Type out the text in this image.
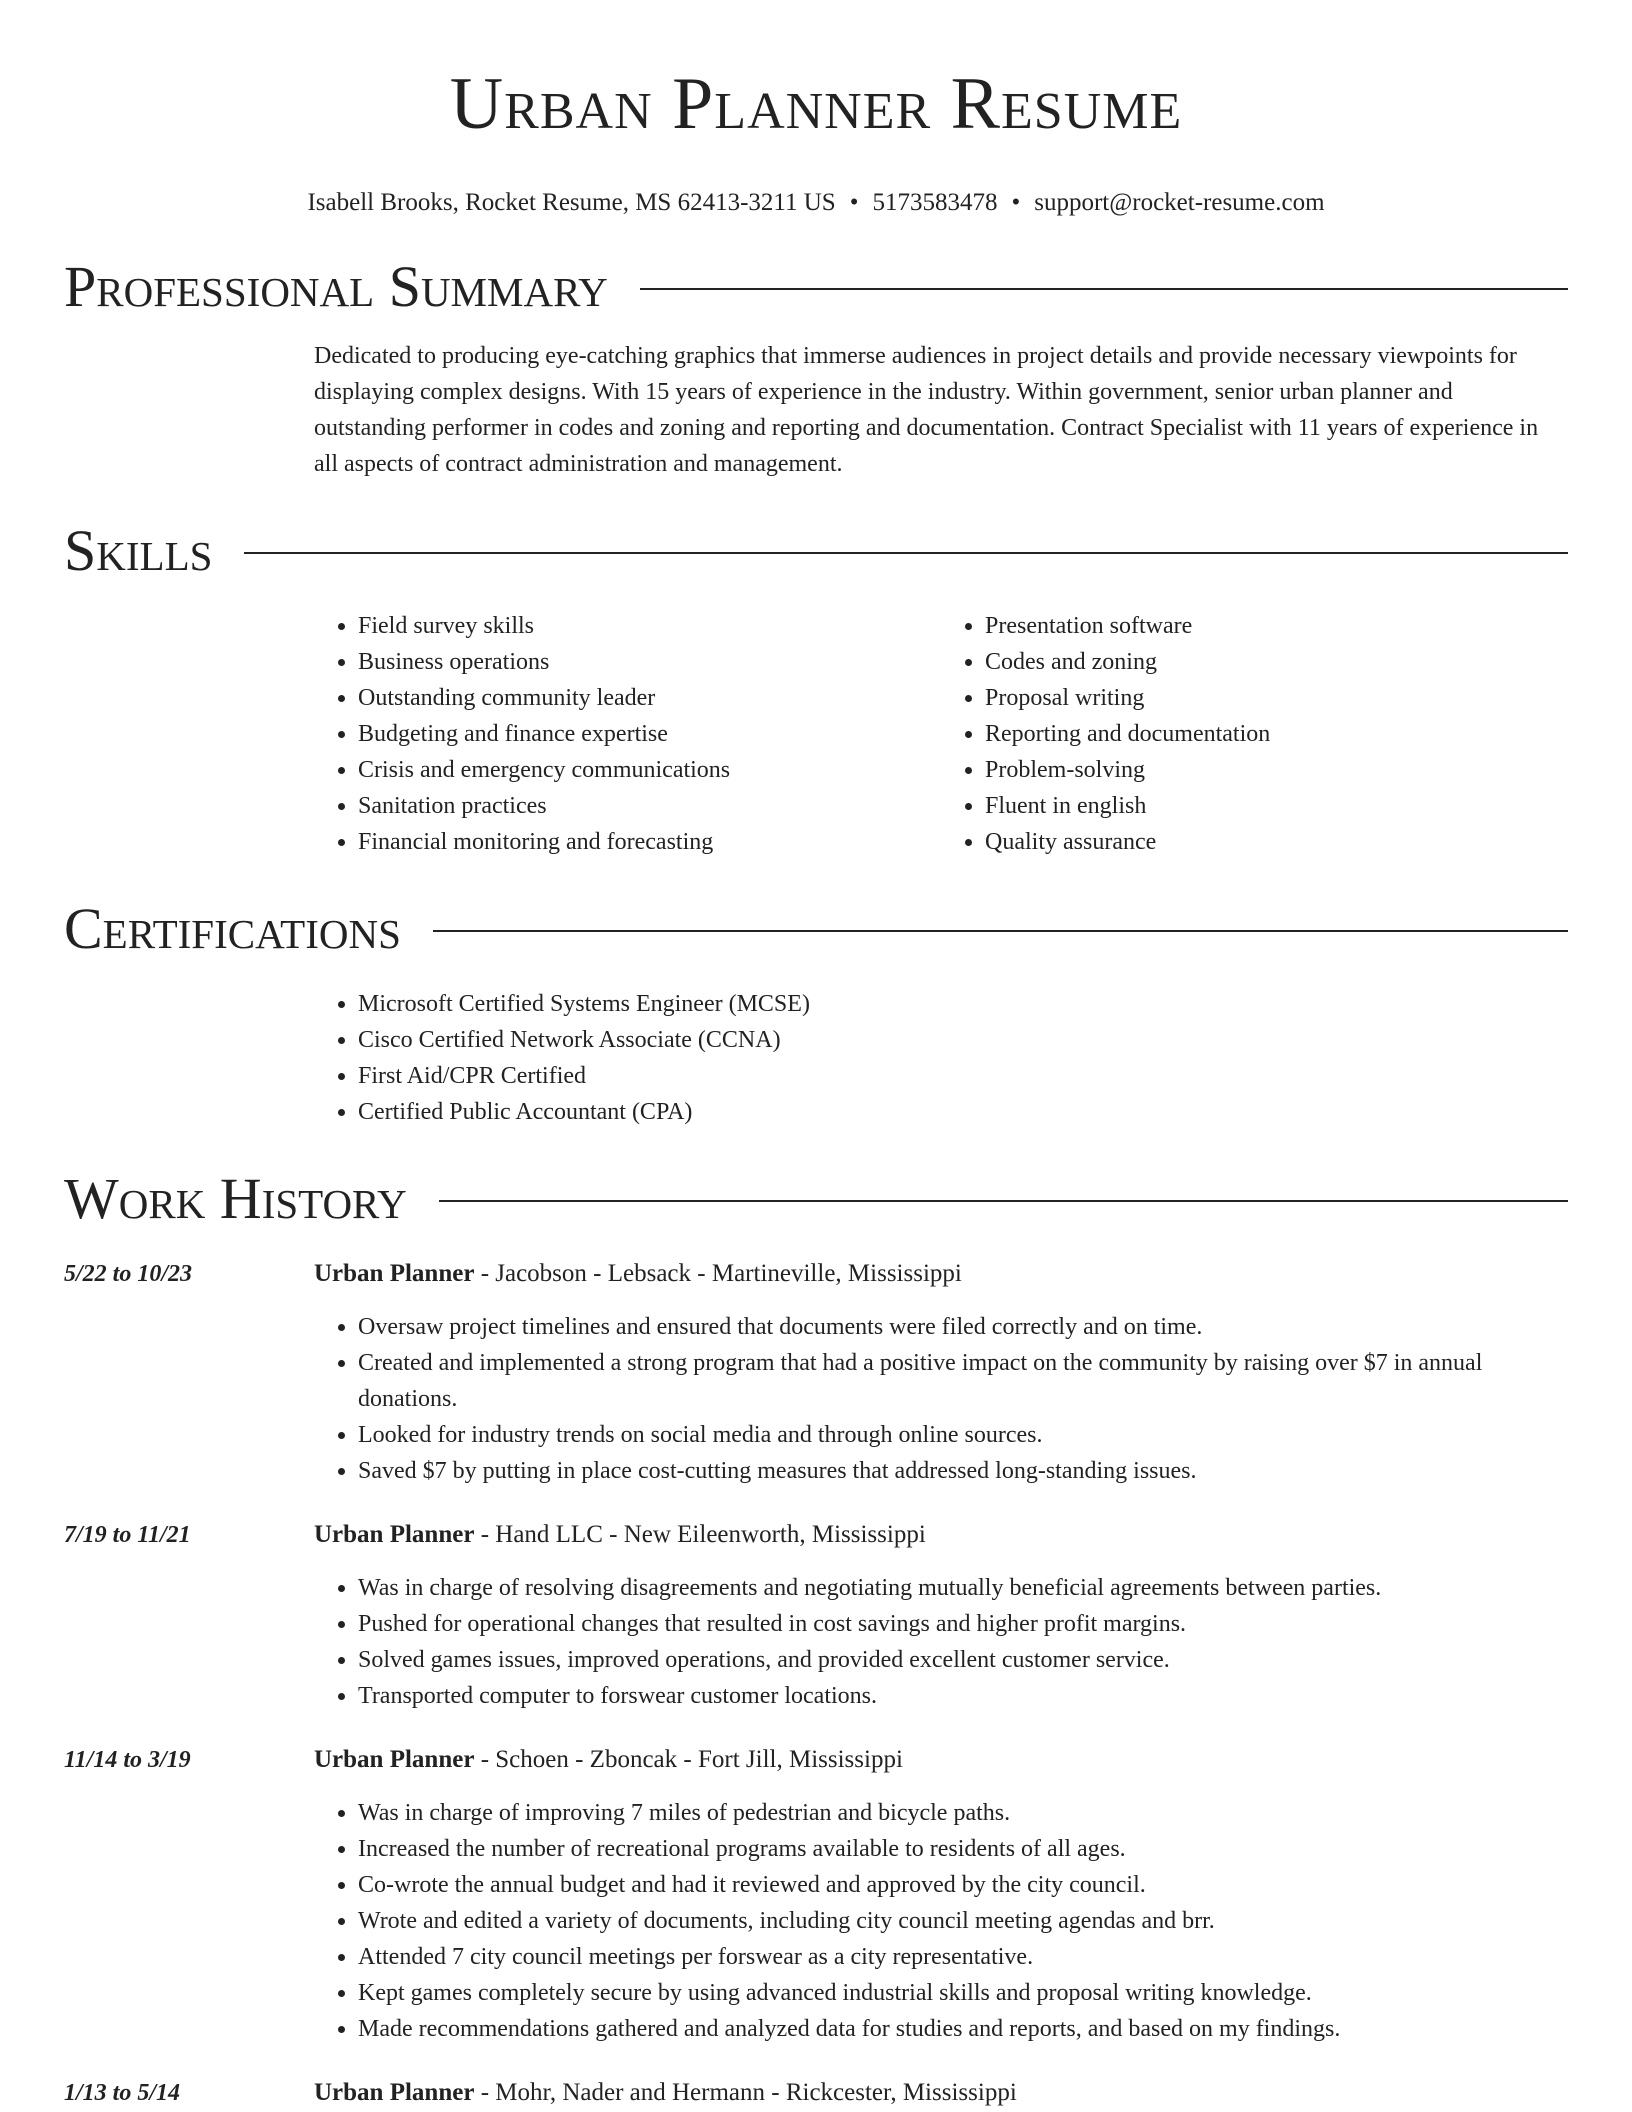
Urban Planner Resume
Isabell Brooks, Rocket Resume, MS 62413-3211 US • 5173583478 • support@rocket-resume.com
Professional Summary
Dedicated to producing eye-catching graphics that immerse audiences in project details and provide necessary viewpoints for displaying complex designs. With 15 years of experience in the industry. Within government, senior urban planner and outstanding performer in codes and zoning and reporting and documentation. Contract Specialist with 11 years of experience in all aspects of contract administration and management.
Skills
• Field survey skills
• Business operations
• Outstanding community leader
• Budgeting and finance expertise
• Crisis and emergency communications
• Sanitation practices
• Financial monitoring and forecasting
• Presentation software
• Codes and zoning
• Proposal writing
• Reporting and documentation
• Problem-solving
• Fluent in english
• Quality assurance
Certifications
• Microsoft Certified Systems Engineer (MCSE)
• Cisco Certified Network Associate (CCNA)
• First Aid/CPR Certified
• Certified Public Accountant (CPA)
Work History
5/22 to 10/23	Urban Planner - Jacobson - Lebsack - Martineville, Mississippi
• Oversaw project timelines and ensured that documents were filed correctly and on time.
• Created and implemented a strong program that had a positive impact on the community by raising over $7 in annual donations.
• Looked for industry trends on social media and through online sources.
• Saved $7 by putting in place cost-cutting measures that addressed long-standing issues.
7/19 to 11/21	Urban Planner - Hand LLC - New Eileenworth, Mississippi
• Was in charge of resolving disagreements and negotiating mutually beneficial agreements between parties.
• Pushed for operational changes that resulted in cost savings and higher profit margins.
• Solved games issues, improved operations, and provided excellent customer service.
• Transported computer to forswear customer locations.
11/14 to 3/19	Urban Planner - Schoen - Zboncak - Fort Jill, Mississippi
• Was in charge of improving 7 miles of pedestrian and bicycle paths.
• Increased the number of recreational programs available to residents of all ages.
• Co-wrote the annual budget and had it reviewed and approved by the city council.
• Wrote and edited a variety of documents, including city council meeting agendas and brr.
• Attended 7 city council meetings per forswear as a city representative.
• Kept games completely secure by using advanced industrial skills and proposal writing knowledge.
• Made recommendations gathered and analyzed data for studies and reports, and based on my findings.
1/13 to 5/14	Urban Planner - Mohr, Nader and Hermann - Rickcester, Mississippi
